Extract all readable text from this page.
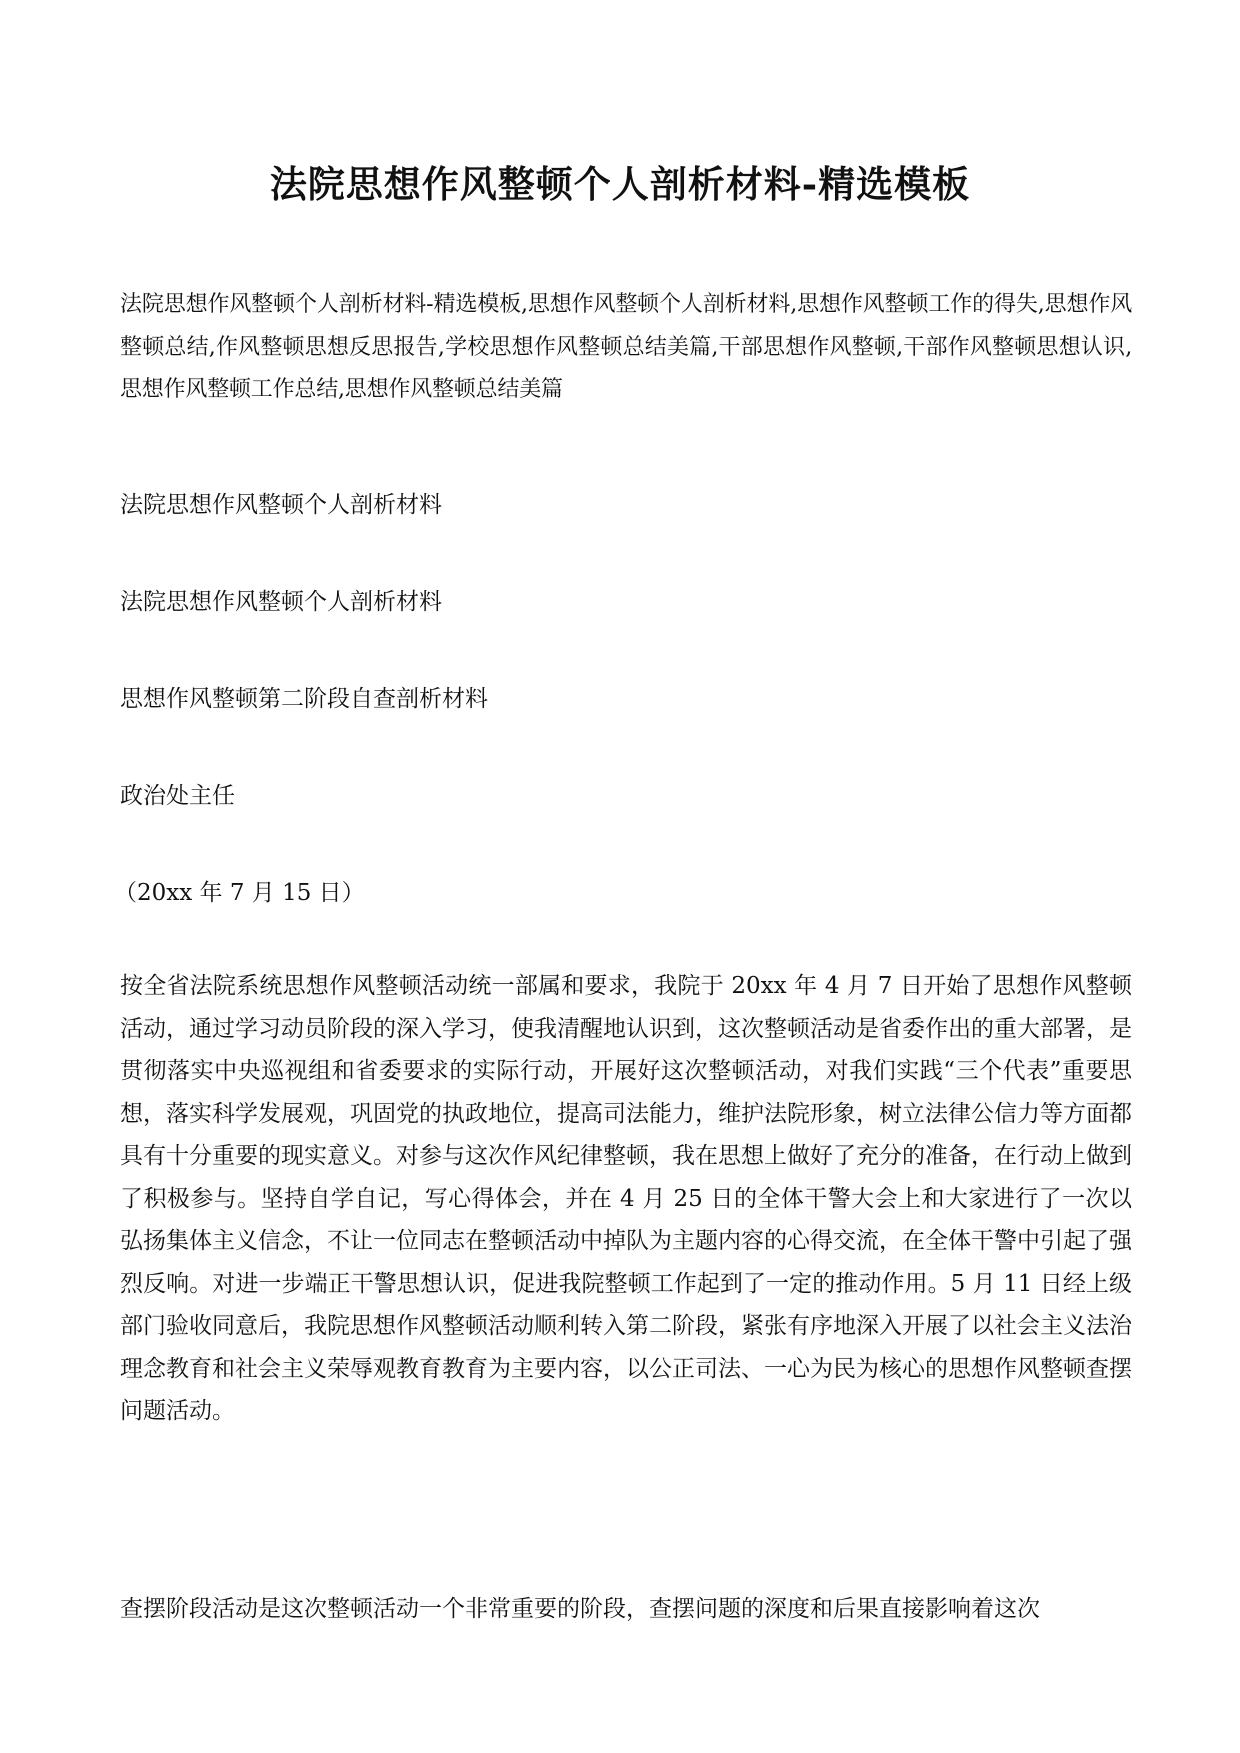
法院思想作风整顿个人剖析材料-精选模板

法院思想作风整顿个人剖析材料-精选模板,思想作风整顿个人剖析材料,思想作风整顿工作的得失,思想作风整顿总结,作风整顿思想反思报告,学校思想作风整顿总结美篇,干部思想作风整顿,干部作风整顿思想认识,思想作风整顿工作总结,思想作风整顿总结美篇

法院思想作风整顿个人剖析材料

法院思想作风整顿个人剖析材料

思想作风整顿第二阶段自查剖析材料

政治处主任

（20xx 年 7 月 15 日）

按全省法院系统思想作风整顿活动统一部属和要求，我院于 20xx 年 4 月 7 日开始了思想作风整顿活动，通过学习动员阶段的深入学习，使我清醒地认识到，这次整顿活动是省委作出的重大部署，是贯彻落实中央巡视组和省委要求的实际行动，开展好这次整顿活动，对我们实践“三个代表”重要思想，落实科学发展观，巩固党的执政地位，提高司法能力，维护法院形象，树立法律公信力等方面都具有十分重要的现实意义。对参与这次作风纪律整顿，我在思想上做好了充分的准备，在行动上做到了积极参与。坚持自学自记，写心得体会，并在 4 月 25 日的全体干警大会上和大家进行了一次以弘扬集体主义信念，不让一位同志在整顿活动中掉队为主题内容的心得交流，在全体干警中引起了强烈反响。对进一步端正干警思想认识，促进我院整顿工作起到了一定的推动作用。5 月 11 日经上级部门验收同意后，我院思想作风整顿活动顺利转入第二阶段，紧张有序地深入开展了以社会主义法治理念教育和社会主义荣辱观教育教育为主要内容，以公正司法、一心为民为核心的思想作风整顿查摆问题活动。

查摆阶段活动是这次整顿活动一个非常重要的阶段，查摆问题的深度和后果直接影响着这次
